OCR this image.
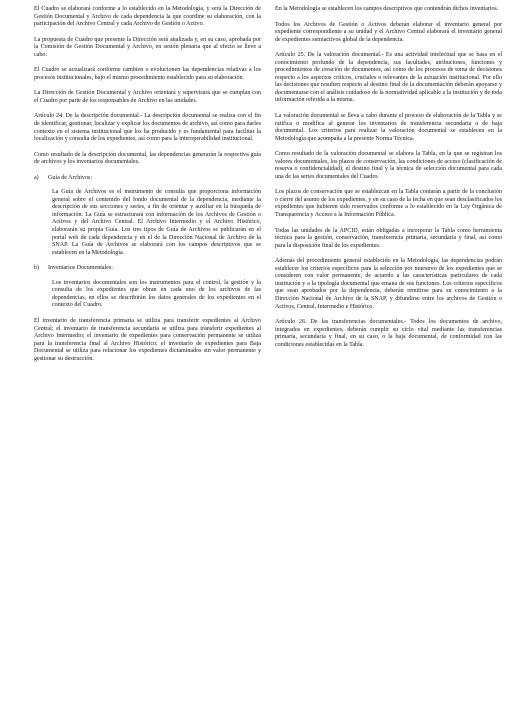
El Cuadro se elaborará conforme a lo establecido en la Metodología, y será la Dirección de Gestión Documental y Archivo de cada dependencia la que coordine su elaboración, con la participación del Archivo Central y cada Archivo de Gestión o Activo.

La propuesta de Cuadro que presente la Dirección será analizada y, en su caso, aprobada por la Comisión de Gestión Documental y Archivo, en sesión plenaria que al efecto se lleve a cabo.

El Cuadro se actualizará conforme cambien o evolucionen las dependencias relativas a los procesos institucionales, bajo el mismo procedimiento establecido para su elaboración.

La Dirección de Gestión Documental y Archivo orientará y supervisará que se cumplan con el Cuadro por parte de los responsables de Archivo en las unidades.

Artículo 24. De la descripción documental.- La descripción documental se realiza con el fin de identificar, gestionar, localizar y explicar los documentos de archivo, así como para darles contexto en el sistema institucional que los ha producido y es fundamental para facilitar la localización y consulta de los expedientes, así como para la interoperabilidad institucional.

Como resultado de la descripción documental, las dependencias generarán la respectiva guía de archivos y los inventarios documentales.

a) Guía de Archivos:

La Guía de Archivos es el instrumento de consulta que proporciona información general sobre el contenido del fondo documental de la dependencia, mediante la descripción de sus secciones y series, a fin de orientar y auxiliar en la búsqueda de información. La Guía se estructurará con información de los Archivos de Gestión o Activos y del Archivo Central. El Archivo Intermedio y el Archivo Histórico, elaborarán su propia Guía. Los tres tipos de Guía de Archivos se publicarán en el portal web de cada dependencia y en el de la Dirección Nacional de Archivo de la SNAP. La Guía de Archivos se elaborará con los campos descriptivos que se establecen en la Metodología.

b) Inventarios Documentales:

Los inventarios documentales son los instrumentos para el control, la gestión y la consulta de los expedientes que obran en cada uno de los archivos de las dependencias, en ellos se describirán los datos generales de los expedientes en el contexto del Cuadro.

El inventario de transferencia primaria se utiliza para transferir expedientes al Archivo Central; el inventario de transferencia secundaria se utiliza para transferir expedientes al Archivo Intermedio; el inventario de expedientes para conservación permanente se utiliza para la transferencia final al Archivo Histórico; el inventario de expedientes para Baja Documental se utiliza para relacionar los expedientes dictaminados sin valor permanente y gestionar su destrucción.

En la Metodología se establecen los campos descriptivos que contendrán dichos inventarios.

Todos los Archivos de Gestión o Activos deberán elaborar el inventario general por expediente correspondiente a su unidad y el Archivo Central elaborará el inventario general de expedientes semiactivos global de la dependencia.

Artículo 25. De la valoración documental.- Es una actividad intelectual que se basa en el conocimiento profundo de la dependencia, sus facultades, atribuciones, funciones y procedimientos de creación de documentos, así como de los procesos de toma de decisiones respecto a los aspectos críticos, cruciales o relevantes de la actuación institucional. Por ello las decisiones que resulten respecto al destino final de la documentación deberán apoyarse y documentarse con el análisis cuidadoso de la normatividad aplicable a la institución y de toda información referida a la misma.

La valoración documental se lleva a cabo durante el proceso de elaboración de la Tabla y se ratifica o modifica al generar los inventarios de transferencia secundaria o de baja documental. Los criterios para realizar la valoración documental se establecen en la Metodología que acompaña a la presente Norma Técnica.

Como resultado de la valoración documental se elabora la Tabla, en la que se registran los valores documentales, los plazos de conservación, las condiciones de acceso (clasificación de reserva o confidencialidad), el destino final y la técnica de selección documental para cada una de las series documentales del Cuadro.

Los plazos de conservación que se establezcan en la Tabla contarán a partir de la conclusión o cierre del asunto de los expedientes, y en su caso de la fecha en que sean desclasificados los expedientes que hubieren sido reservados conforme a lo establecido en la Ley Orgánica de Transparencia y Acceso a la Información Pública.

Todas las unidades de la APCID, están obligadas a incorporar la Tabla como herramienta técnica para la gestión, conservación, transferencia primaria, secundaria y final, así como para la disposición final de los expedientes.

Además del procedimiento general establecido en la Metodología, las dependencias podrán establecer los criterios específicos para la selección por muestreo de los expedientes que se consideren con valor permanente, de acuerdo a las características particulares de cada institución y a la tipología documental que emana de sus funciones. Los criterios específicos que sean aprobados por la dependencia, deberán remitirse para su conocimiento a la Dirección Nacional de Archivo de la SNAP, y difundirse entre los archivos de Gestión o Activos, Central, Intermedio e Histórico.

Artículo 26. De las transferencias documentales.- Todos los documentos de archivo, integrados en expedientes, deberán cumplir su ciclo vital mediante las transferencias primaria, secundaria y final, en su caso, o la baja documental, de conformidad con las condiciones establecidas en la Tabla.
